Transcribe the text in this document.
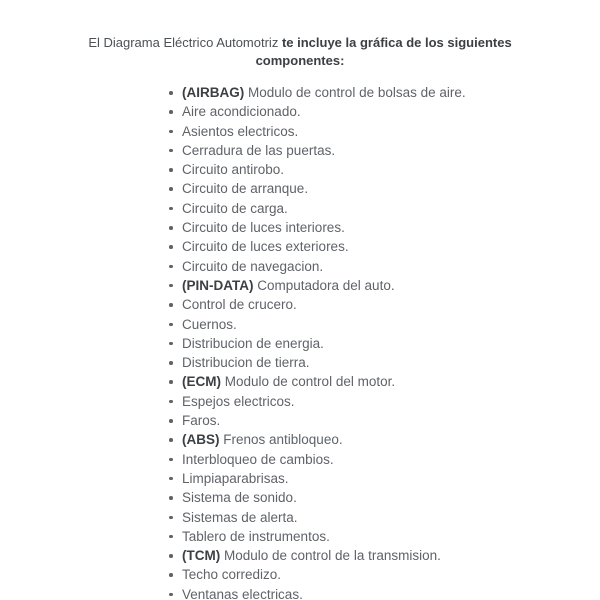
El Diagrama Eléctrico Automotriz te incluye la gráfica de los siguientes componentes:

(AIRBAG) Modulo de control de bolsas de aire.
Aire acondicionado.
Asientos electricos.
Cerradura de las puertas.
Circuito antirobo.
Circuito de arranque.
Circuito de carga.
Circuito de luces interiores.
Circuito de luces exteriores.
Circuito de navegacion.
(PIN-DATA) Computadora del auto.
Control de crucero.
Cuernos.
Distribucion de energia.
Distribucion de tierra.
(ECM) Modulo de control del motor.
Espejos electricos.
Faros.
(ABS) Frenos antibloqueo.
Interbloqueo de cambios.
Limpiaparabrisas.
Sistema de sonido.
Sistemas de alerta.
Tablero de instrumentos.
(TCM) Modulo de control de la transmision.
Techo corredizo.
Ventanas electricas.
